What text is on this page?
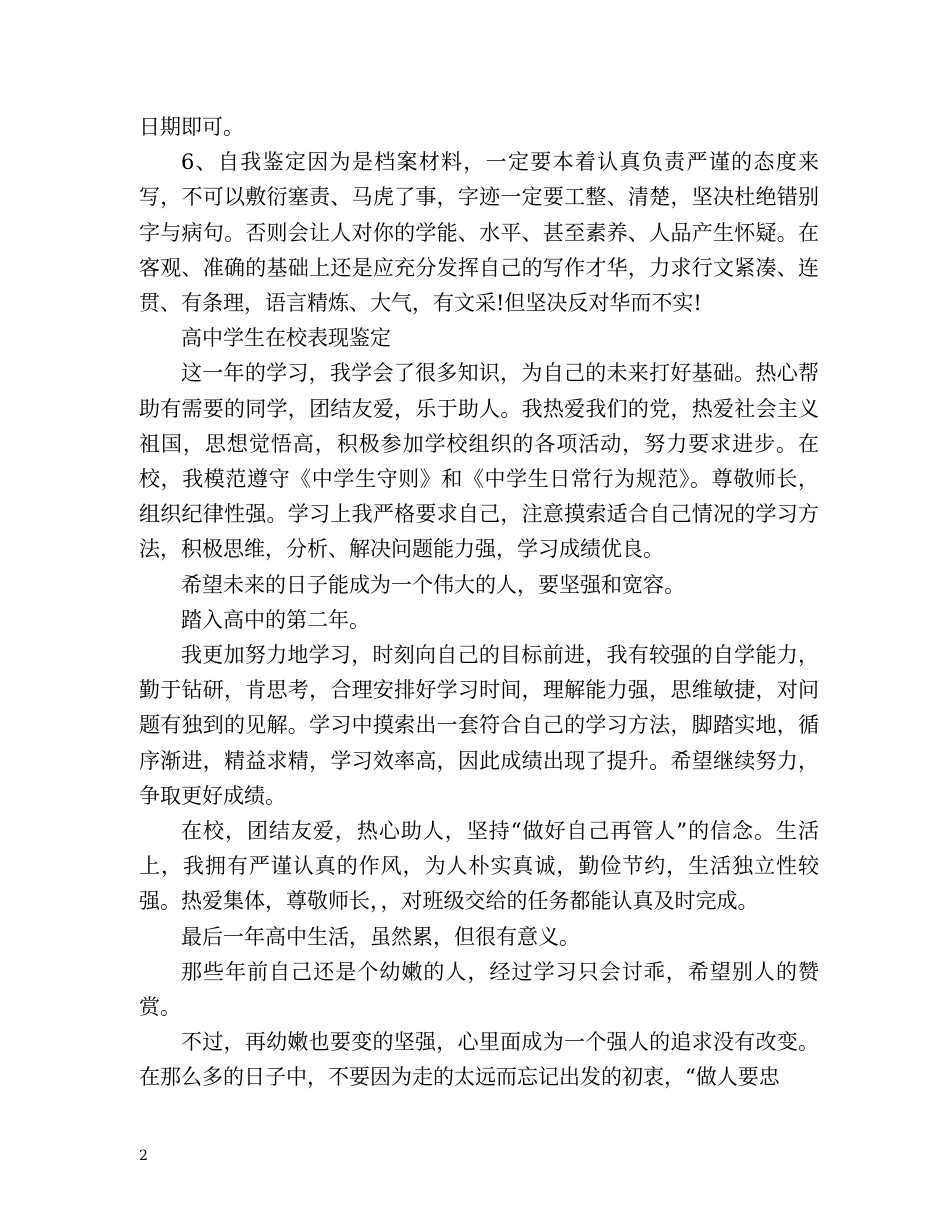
日期即可。

6、自我鉴定因为是档案材料，一定要本着认真负责严谨的态度来写，不可以敷衍塞责、马虎了事，字迹一定要工整、清楚，坚决杜绝错别字与病句。否则会让人对你的学能、水平、甚至素养、人品产生怀疑。在客观、准确的基础上还是应充分发挥自己的写作才华，力求行文紧凑、连贯、有条理，语言精炼、大气，有文采!但坚决反对华而不实!

高中学生在校表现鉴定

这一年的学习，我学会了很多知识，为自己的未来打好基础。热心帮助有需要的同学，团结友爱，乐于助人。我热爱我们的党，热爱社会主义祖国，思想觉悟高，积极参加学校组织的各项活动，努力要求进步。在校，我模范遵守《中学生守则》和《中学生日常行为规范》。尊敬师长，组织纪律性强。学习上我严格要求自己，注意摸索适合自己情况的学习方法，积极思维，分析、解决问题能力强，学习成绩优良。

希望未来的日子能成为一个伟大的人，要坚强和宽容。

踏入高中的第二年。

我更加努力地学习，时刻向自己的目标前进，我有较强的自学能力，勤于钻研，肯思考，合理安排好学习时间，理解能力强，思维敏捷，对问题有独到的见解。学习中摸索出一套符合自己的学习方法，脚踏实地，循序渐进，精益求精，学习效率高，因此成绩出现了提升。希望继续努力，争取更好成绩。

在校，团结友爱，热心助人，坚持“做好自己再管人”的信念。生活上，我拥有严谨认真的作风，为人朴实真诚，勤俭节约，生活独立性较强。热爱集体，尊敬师长，，对班级交给的任务都能认真及时完成。

最后一年高中生活，虽然累，但很有意义。

那些年前自己还是个幼嫩的人，经过学习只会讨乖，希望别人的赞赏。

不过，再幼嫩也要变的坚强，心里面成为一个强人的追求没有改变。在那么多的日子中，不要因为走的太远而忘记出发的初衷，“做人要忠

2
